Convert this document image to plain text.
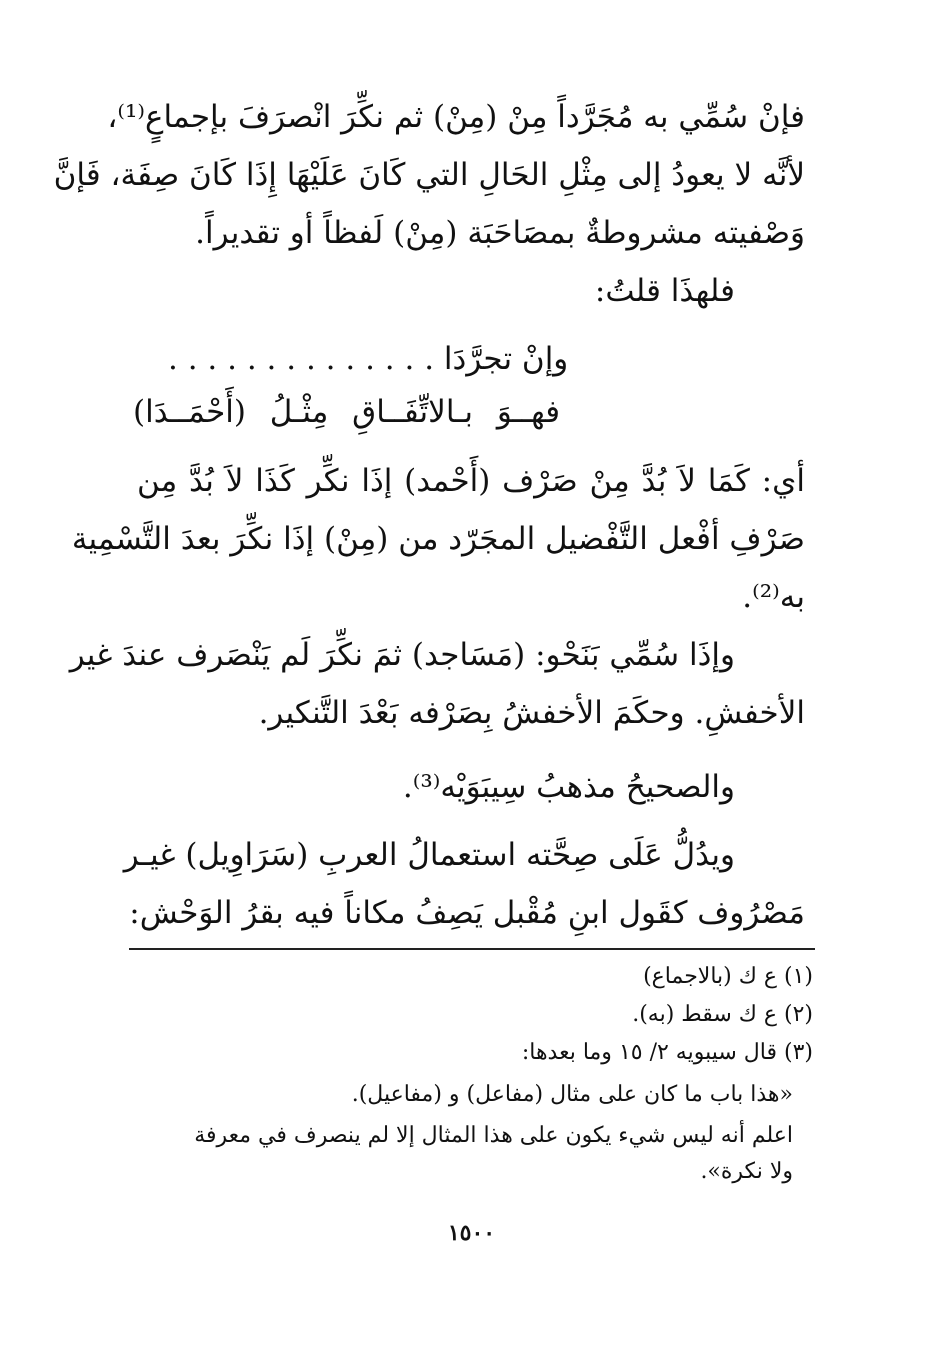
فإنْ سُمِّي به مُجَرَّداً مِنْ (مِنْ) ثم نكِّرَ انْصرَفَ بإجماعٍ⁽¹⁾،
لأنَّه لا يعودُ إلى مِثْلِ الحَالِ التي كَانَ عَلَيْهَا إِذَا كَانَ صِفَة، فَإنَّ
وَصْفيته مشروطةٌ بمصَاحَبَة (مِنْ) لَفظاً أو تقديراً.
فلهذَا قلتُ:
وإنْ تجرَّدَا . . . . . . . . . . . . . .
فهــوَ بـالاتِّفَــاقِ مِثْـلُ (أَحْمَــدَا)
أي: كَمَا لاَ بُدَّ مِنْ صَرْف (أَحْمد) إذَا نكِّر كَذَا لاَ بُدَّ مِن
صَرْفِ أفْعل التَّفْضيل المجَرّد من (مِنْ) إذَا نكِّرَ بعدَ التَّسْمِية
به⁽²⁾.
وإذَا سُمِّي بَنَحْو: (مَسَاجد) ثمَ نكِّرَ لَم يَنْصَرف عندَ غير
الأخفشِ. وحكَمَ الأخفشُ بِصَرْفه بَعْدَ التَّنكير.
والصحيحُ مذهبُ سِيبَوَيْه⁽³⁾.
ويدُلُّ عَلَى صِحَّته استعمالُ العربِ (سَرَاوِيل) غيـر
مَصْرُوف كقَول ابنِ مُقْبل يَصِفُ مكاناً فيه بقرُ الوَحْش:
(١) ع ك (بالاجماع)
(٢) ع ك سقط (به).
(٣) قال سيبويه ٢/ ١٥ وما بعدها:
«هذا باب ما كان على مثال (مفاعل) و (مفاعيل).
اعلم أنه ليس شيء يكون على هذا المثال إلا لم ينصرف في معرفة
ولا نكرة».
١٥٠٠
